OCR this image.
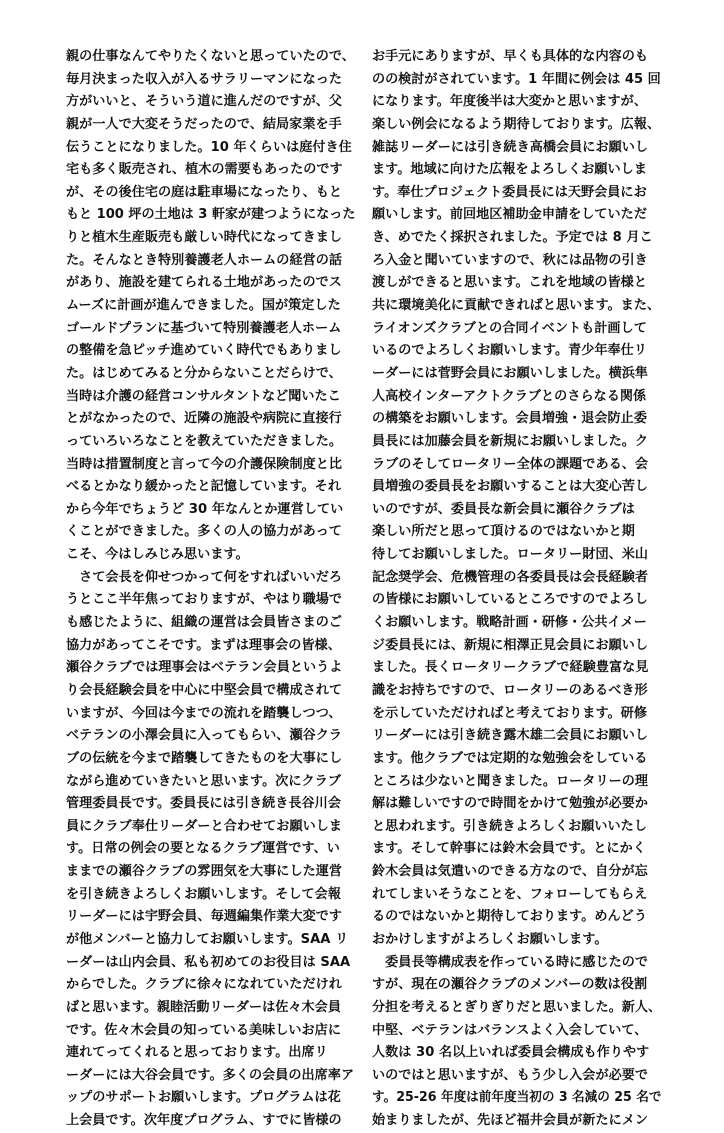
親の仕事なんてやりたくないと思っていたので、
毎月決まった収入が入るサラリーマンになった
方がいいと、そういう道に進んだのですが、父
親が一人で大変そうだったので、結局家業を手
伝うことになりました。10 年くらいは庭付き住
宅も多く販売され、植木の需要もあったのです
が、その後住宅の庭は駐車場になったり、もと
もと 100 坪の土地は 3 軒家が建つようになった
りと植木生産販売も厳しい時代になってきまし
た。そんなとき特別養護老人ホームの経営の話
があり、施設を建てられる土地があったのでス
ムーズに計画が進んできました。国が策定した
ゴールドプランに基づいて特別養護老人ホーム
の整備を急ピッチ進めていく時代でもありまし
た。はじめてみると分からないことだらけで、
当時は介護の経営コンサルタントなど聞いたこ
とがなかったので、近隣の施設や病院に直接行
っていろいろなことを教えていただきました。
当時は措置制度と言って今の介護保険制度と比
べるとかなり緩かったと記憶しています。それ
から今年でちょうど 30 年なんとか運営してい
くことができました。多くの人の協力があって
こそ、今はしみじみ思います。
　さて会長を仰せつかって何をすればいいだろ
うとここ半年焦っておりますが、やはり職場で
も感じたように、組織の運営は会員皆さまのご
協力があってこそです。まずは理事会の皆様、
瀬谷クラブでは理事会はベテラン会員というよ
り会長経験会員を中心に中堅会員で構成されて
いますが、今回は今までの流れを踏襲しつつ、
ベテランの小澤会員に入ってもらい、瀬谷クラ
ブの伝統を今まで踏襲してきたものを大事にし
ながら進めていきたいと思います。次にクラブ
管理委員長です。委員長には引き続き長谷川会
員にクラブ奉仕リーダーと合わせてお願いしま
す。日常の例会の要となるクラブ運営です、い
ままでの瀬谷クラブの雰囲気を大事にした運営
を引き続きよろしくお願いします。そして会報
リーダーには宇野会員、毎週編集作業大変です
が他メンバーと協力してお願いします。SAA リ
ーダーは山内会員、私も初めてのお役目は SAA
からでした。クラブに徐々になれていただけれ
ばと思います。親睦活動リーダーは佐々木会員
です。佐々木会員の知っている美味しいお店に
連れてってくれると思っております。出席リ
ーダーには大谷会員です。多くの会員の出席率ア
ップのサポートお願いします。プログラムは花
上会員です。次年度プログラム、すでに皆様の
お手元にありますが、早くも具体的な内容のも
のの検討がされています。1 年間に例会は 45 回
になります。年度後半は大変かと思いますが、
楽しい例会になるよう期待しております。広報、
雑誌リーダーには引き続き高橋会員にお願いし
ます。地域に向けた広報をよろしくお願いしま
す。奉仕プロジェクト委員長には天野会員にお
願いします。前回地区補助金申請をしていただ
き、めでたく採択されました。予定では 8 月こ
ろ入金と聞いていますので、秋には品物の引き
渡しができると思います。これを地域の皆様と
共に環境美化に貢献できればと思います。また、
ライオンズクラブとの合同イベントも計画して
いるのでよろしくお願いします。青少年奉仕リ
ーダーには菅野会員にお願いしました。横浜隼
人高校インターアクトクラブとのさらなる関係
の構築をお願いします。会員増強・退会防止委
員長には加藤会員を新規にお願いしました。ク
ラブのそしてロータリー全体の課題である、会
員増強の委員長をお願いすることは大変心苦し
いのですが、委員長な新会員に瀬谷クラブは
楽しい所だと思って頂けるのではないかと期
待してお願いしました。ロータリー財団、米山
記念奨学会、危機管理の各委員長は会長経験者
の皆様にお願いしているところですのでよろし
くお願いします。戦略計画・研修・公共イメー
ジ委員長には、新規に相澤正見会員にお願いし
ました。長くロータリークラブで経験豊富な見
識をお持ちですので、ロータリーのあるべき形
を示していただければと考えております。研修
リーダーには引き続き露木雄二会員にお願いし
ます。他クラブでは定期的な勉強会をしている
ところは少ないと聞きました。ロータリーの理
解は難しいですので時間をかけて勉強が必要か
と思われます。引き続きよろしくお願いいたし
ます。そして幹事には鈴木会員です。とにかく
鈴木会員は気遣いのできる方なので、自分が忘
れてしまいそうなことを、フォローしてもらえ
るのではないかと期待しております。めんどう
おかけしますがよろしくお願いします。
　委員長等構成表を作っている時に感じたので
すが、現在の瀬谷クラブのメンバーの数は役割
分担を考えるとぎりぎりだと思いました。新人、
中堅、ベテランはバランスよく入会していて、
人数は 30 名以上いれば委員会構成も作りやす
いのではと思いますが、もう少し入会が必要で
す。25-26 年度は前年度当初の 3 名減の 25 名で
始まりましたが、先ほど福井会員が新たにメン
